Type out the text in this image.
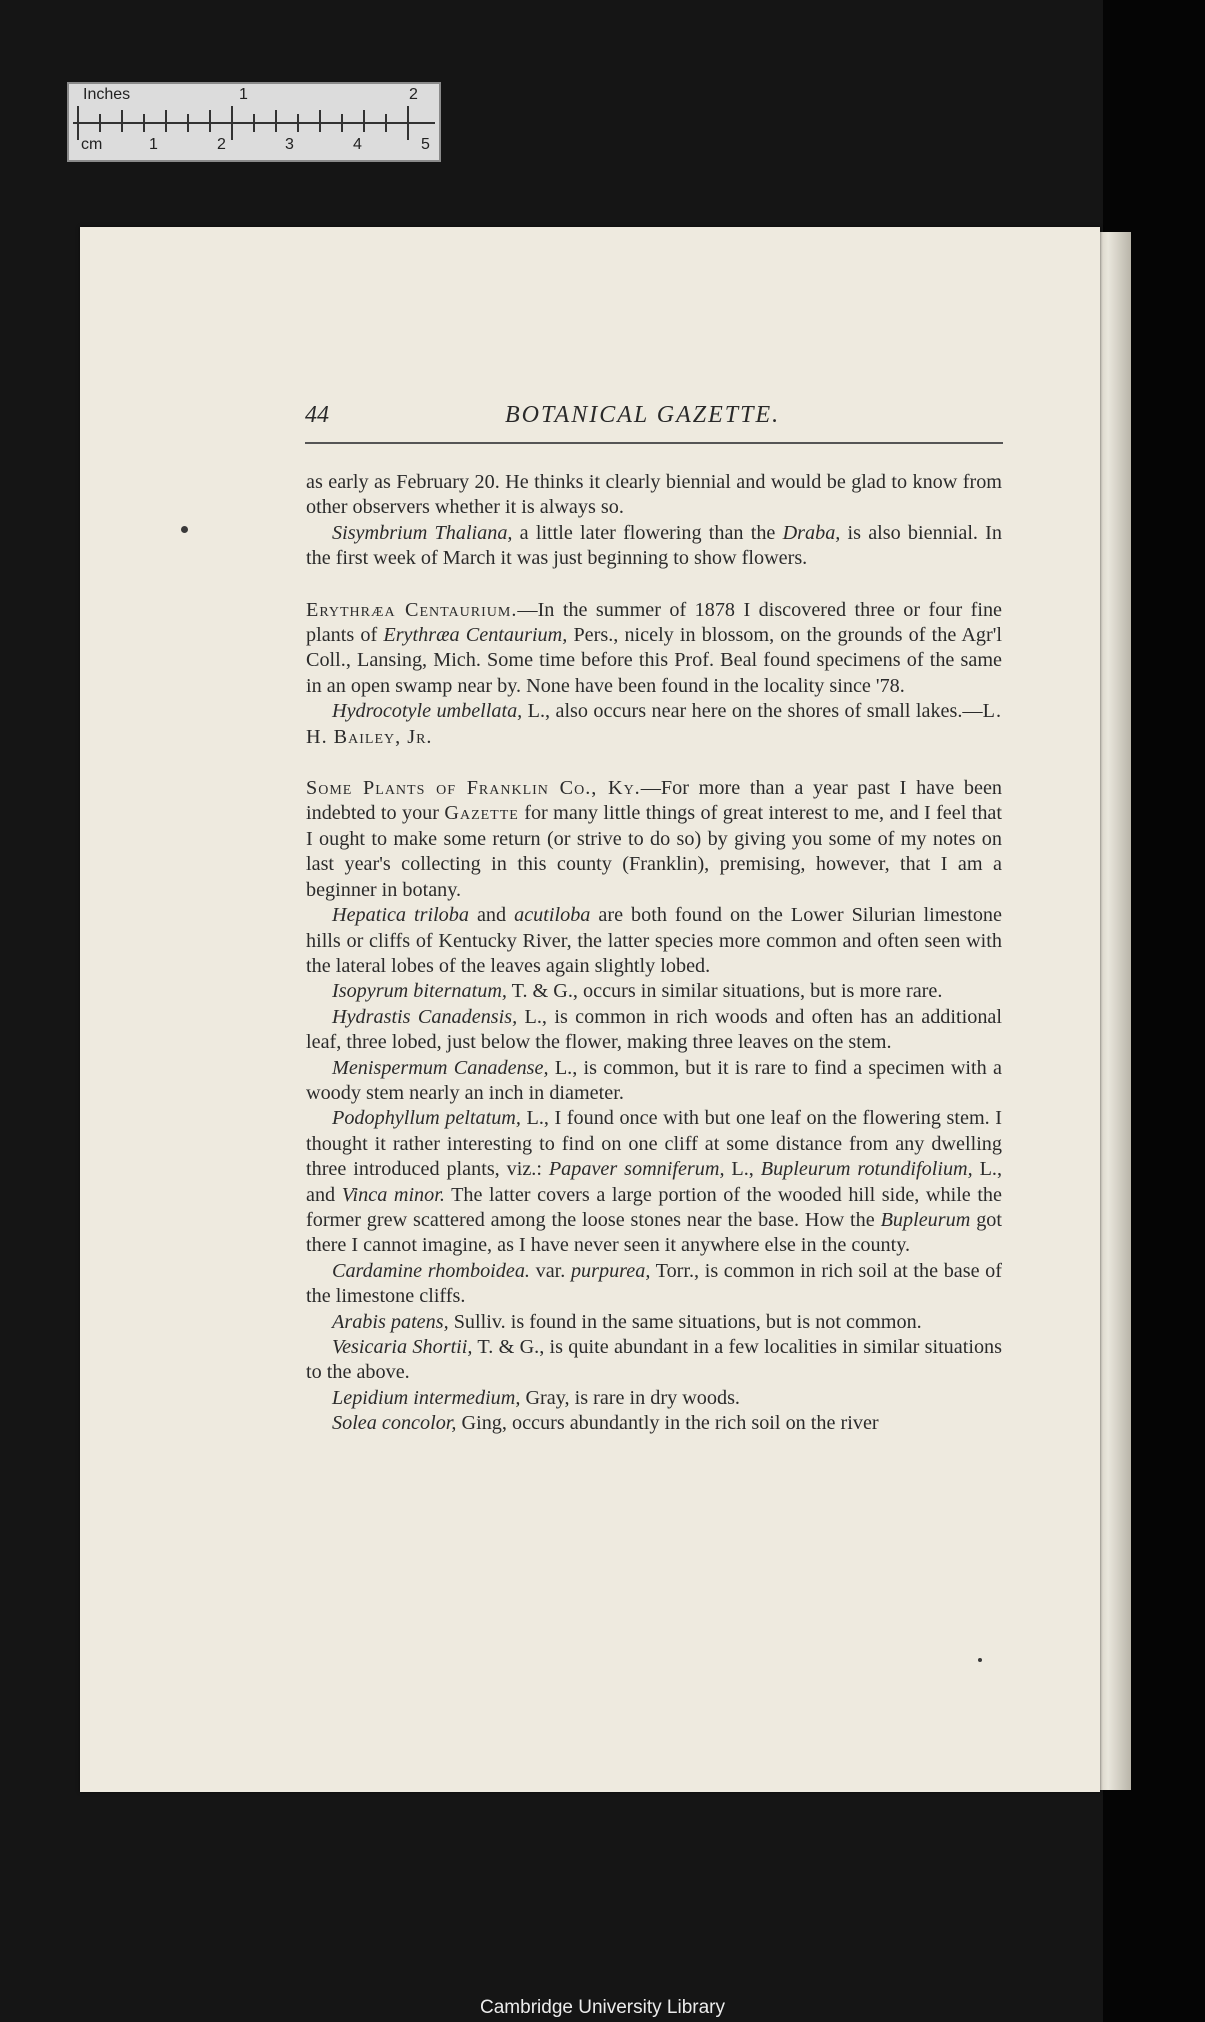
Inches	1	2
cm	1	2	3	4	5
44	BOTANICAL GAZETTE.

as early as February 20. He thinks it clearly biennial and would be glad to know from other observers whether it is always so.

Sisymbrium Thaliana, a little later flowering than the Draba, is also biennial. In the first week of March it was just beginning to show flowers.

Erythræa Centaurium.—In the summer of 1878 I discovered three or four fine plants of Erythræa Centaurium, Pers., nicely in blossom, on the grounds of the Agr'l Coll., Lansing, Mich. Some time before this Prof. Beal found specimens of the same in an open swamp near by. None have been found in the locality since '78.

Hydrocotyle umbellata, L., also occurs near here on the shores of small lakes.—L. H. Bailey, Jr.

Some Plants of Franklin Co., Ky.—For more than a year past I have been indebted to your Gazette for many little things of great interest to me, and I feel that I ought to make some return (or strive to do so) by giving you some of my notes on last year's collecting in this county (Franklin), premising, however, that I am a beginner in botany.

Hepatica triloba and acutiloba are both found on the Lower Silurian limestone hills or cliffs of Kentucky River, the latter species more common and often seen with the lateral lobes of the leaves again slightly lobed.

Isopyrum biternatum, T. & G., occurs in similar situations, but is more rare.

Hydrastis Canadensis, L., is common in rich woods and often has an additional leaf, three lobed, just below the flower, making three leaves on the stem.

Menispermum Canadense, L., is common, but it is rare to find a specimen with a woody stem nearly an inch in diameter.

Podophyllum peltatum, L., I found once with but one leaf on the flowering stem. I thought it rather interesting to find on one cliff at some distance from any dwelling three introduced plants, viz.: Papaver somniferum, L., Bupleurum rotundifolium, L., and Vinca minor. The latter covers a large portion of the wooded hill side, while the former grew scattered among the loose stones near the base. How the Bupleurum got there I cannot imagine, as I have never seen it anywhere else in the county.

Cardamine rhomboidea. var. purpurea, Torr., is common in rich soil at the base of the limestone cliffs.

Arabis patens, Sulliv. is found in the same situations, but is not common.

Vesicaria Shortii, T. & G., is quite abundant in a few localities in similar situations to the above.

Lepidium intermedium, Gray, is rare in dry woods.

Solea concolor, Ging, occurs abundantly in the rich soil on the river

Cambridge University Library
